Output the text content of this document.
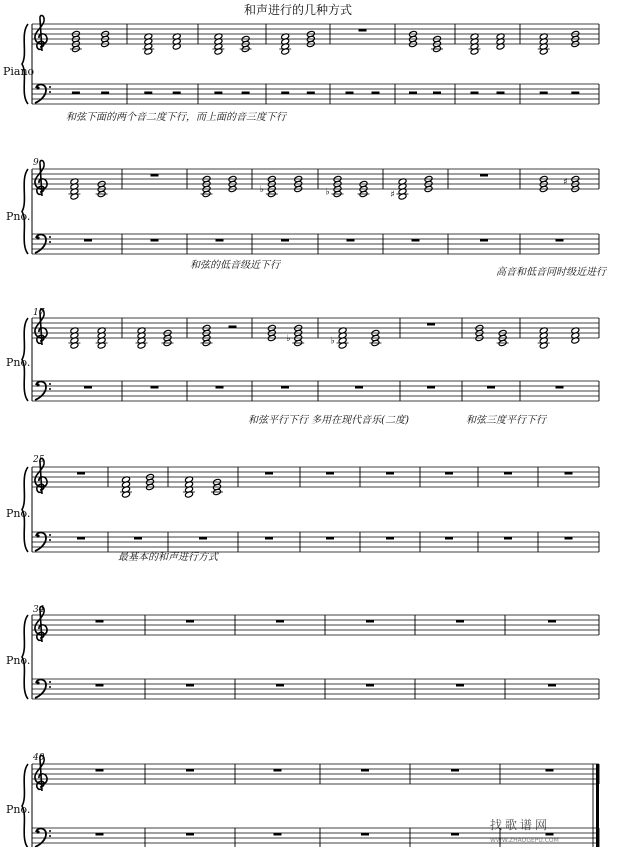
和声进行的几种方式
Piano
Pno.
Pno.
Pno.
Pno.
Pno.
9
17
25
34
40
和弦下面的两个音二度下行，而上面的音三度下行
和弦的低音级近下行
高音和低音同时级近进行
和弦平行下行 多用在现代音乐(二度)	和弦三度平行下行
最基本的和声进行方式
找歌谱网
WWW.ZHAOGEPU.COM
♭	♭	♯
♯
♭	♭
